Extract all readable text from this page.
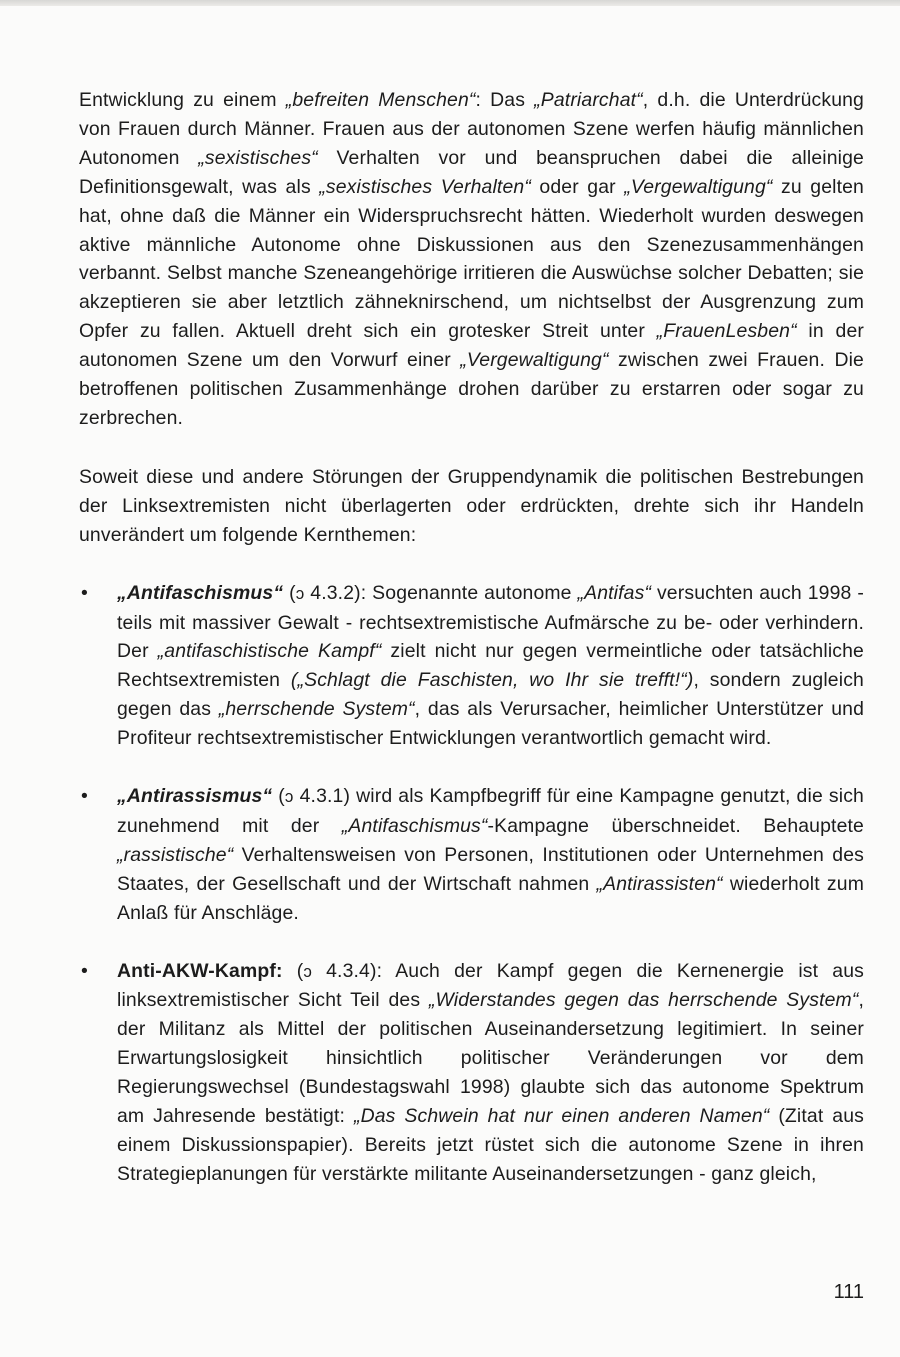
Entwicklung zu einem „befreiten Menschen“: Das „Patriarchat“, d.h. die Unterdrückung von Frauen durch Männer. Frauen aus der autonomen Szene werfen häufig männlichen Autonomen „sexistisches“ Verhalten vor und beanspruchen dabei die alleinige Definitionsgewalt, was als „sexistisches Verhalten“ oder gar „Vergewaltigung“ zu gelten hat, ohne daß die Männer ein Widerspruchsrecht hätten. Wiederholt wurden deswegen aktive männliche Autonome ohne Diskussionen aus den Szenezusammenhängen verbannt. Selbst manche Szeneangehörige irritieren die Auswüchse solcher Debatten; sie akzeptieren sie aber letztlich zähneknirschend, um nichtselbst der Ausgrenzung zum Opfer zu fallen. Aktuell dreht sich ein grotesker Streit unter „FrauenLesben“ in der autonomen Szene um den Vorwurf einer „Vergewaltigung“ zwischen zwei Frauen. Die betroffenen politischen Zusammenhänge drohen darüber zu erstarren oder sogar zu zerbrechen.

Soweit diese und andere Störungen der Gruppendynamik die politischen Bestrebungen der Linksextremisten nicht überlagerten oder erdrückten, drehte sich ihr Handeln unverändert um folgende Kernthemen:

• „Antifaschismus“ (ↄ 4.3.2): Sogenannte autonome „Antifas“ versuchten auch 1998 - teils mit massiver Gewalt - rechtsextremistische Aufmärsche zu be- oder verhindern. Der „antifaschistische Kampf“ zielt nicht nur gegen vermeintliche oder tatsächliche Rechtsextremisten („Schlagt die Faschisten, wo Ihr sie trefft!“), sondern zugleich gegen das „herrschende System“, das als Verursacher, heimlicher Unterstützer und Profiteur rechtsextremistischer Entwicklungen verantwortlich gemacht wird.
• „Antirassismus“ (ↄ 4.3.1) wird als Kampfbegriff für eine Kampagne genutzt, die sich zunehmend mit der „Antifaschismus“-Kampagne überschneidet. Behauptete „rassistische“ Verhaltensweisen von Personen, Institutionen oder Unternehmen des Staates, der Gesellschaft und der Wirtschaft nahmen „Antirassisten“ wiederholt zum Anlaß für Anschläge.
• Anti-AKW-Kampf: (ↄ 4.3.4): Auch der Kampf gegen die Kernenergie ist aus linksextremistischer Sicht Teil des „Widerstandes gegen das herrschende System“, der Militanz als Mittel der politischen Auseinandersetzung legitimiert. In seiner Erwartungslosigkeit hinsichtlich politischer Veränderungen vor dem Regierungswechsel (Bundestagswahl 1998) glaubte sich das autonome Spektrum am Jahresende bestätigt: „Das Schwein hat nur einen anderen Namen“ (Zitat aus einem Diskussionspapier). Bereits jetzt rüstet sich die autonome Szene in ihren Strategieplanungen für verstärkte militante Auseinandersetzungen - ganz gleich,
111
